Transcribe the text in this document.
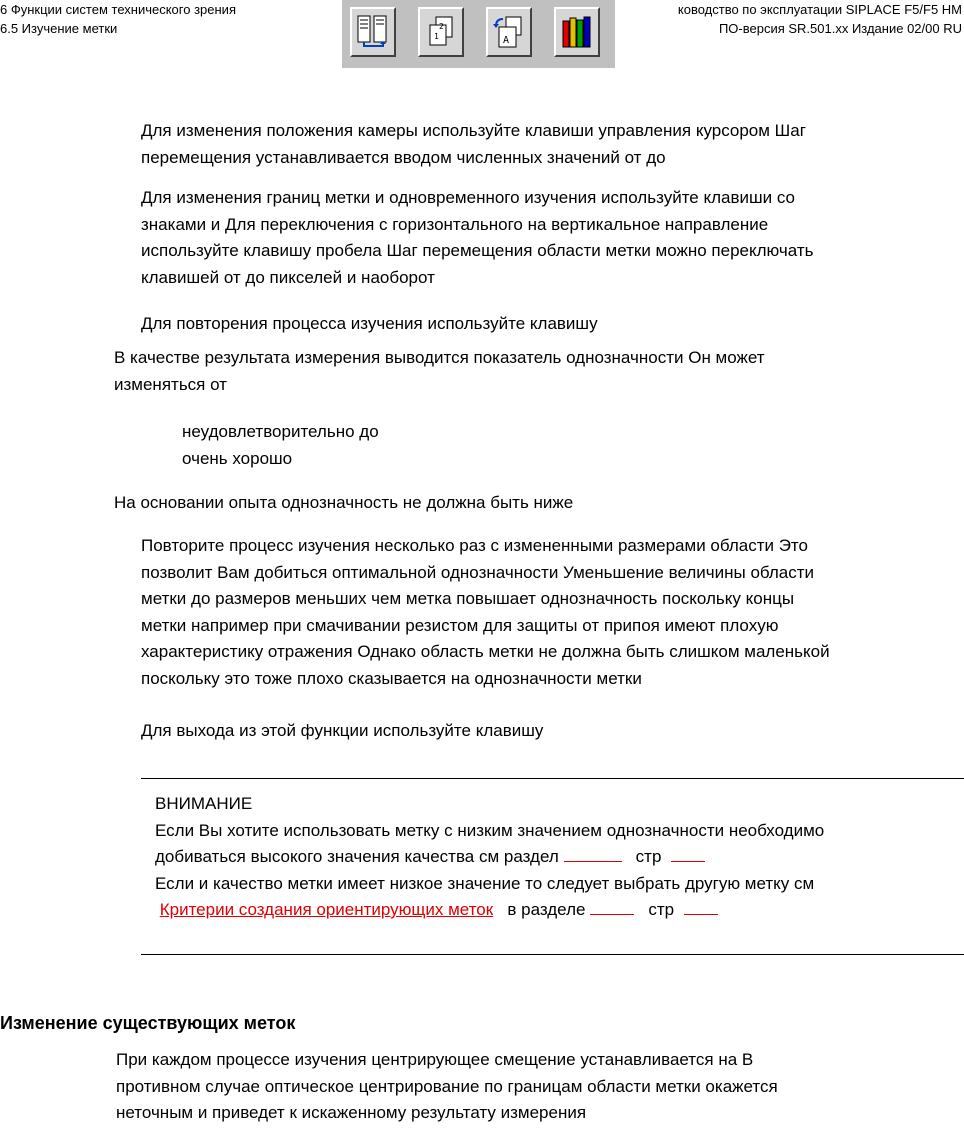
6 Функции систем технического зрения
6.5 Изучение метки
ководство по эксплуатации SIPLACE F5/F5 HM
ПО-версия SR.501.xx Издание 02/00 RU
2
1	A
Для изменения положения камеры используйте клавиши управления курсором Шаг
перемещения устанавливается вводом численных значений от до
Для изменения границ метки и одновременного изучения используйте клавиши со
знаками и Для переключения с горизонтального на вертикальное направление
используйте клавишу пробела Шаг перемещения области метки можно переключать
клавишей от до пикселей и наоборот
Для повторения процесса изучения используйте клавишу
В качестве результата измерения выводится показатель однозначности Он может
изменяться от
неудовлетворительно до
очень хорошо
На основании опыта однозначность не должна быть ниже
Повторите процесс изучения несколько раз с измененными размерами области Это
позволит Вам добиться оптимальной однозначности Уменьшение величины области
метки до размеров меньших чем метка повышает однозначность поскольку концы
метки например при смачивании резистом для защиты от припоя имеют плохую
характеристику отражения Однако область метки не должна быть слишком маленькой
поскольку это тоже плохо сказывается на однозначности метки
Для выхода из этой функции используйте клавишу
ВНИМАНИЕ
Если Вы хотите использовать метку с низким значением однозначности необходимо
добиваться высокого значения качества см раздел	стр
Если и качество метки имеет низкое значение то следует выбрать другую метку см
Критерии создания ориентирующих меток в разделе	стр
Изменение существующих меток
При каждом процессе изучения центрирующее смещение устанавливается на В
противном случае оптическое центрирование по границам области метки окажется
неточным и приведет к искаженному результату измерения
